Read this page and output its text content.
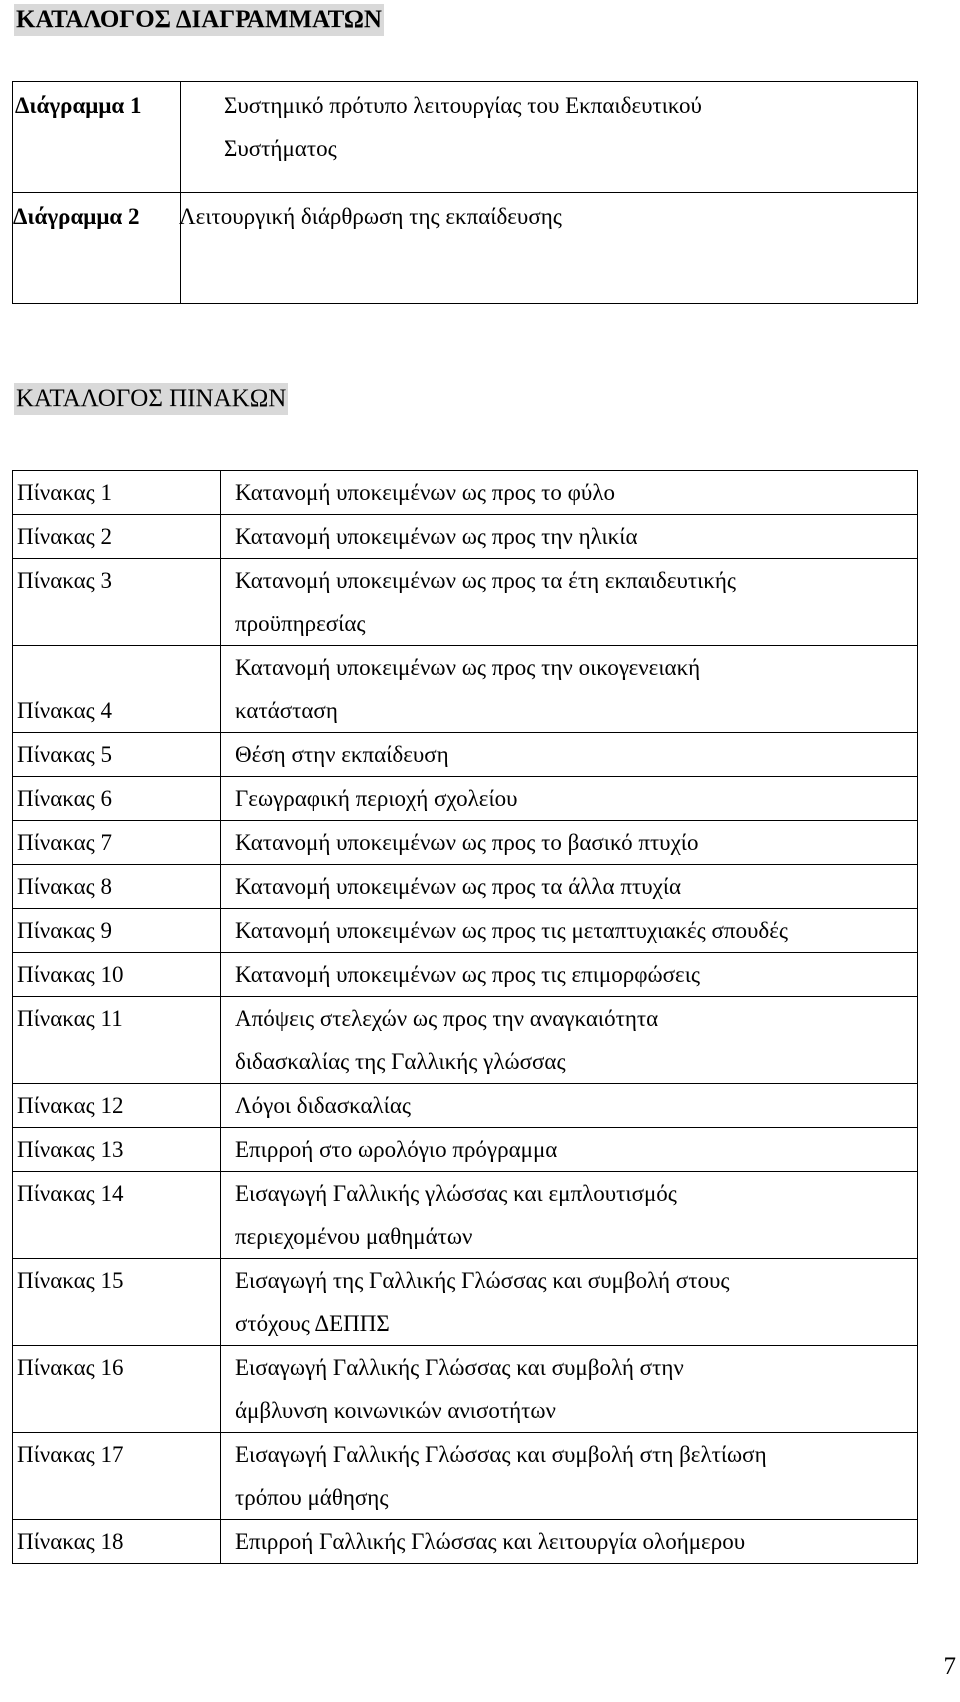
ΚΑΤΑΛΟΓΟΣ ΔΙΑΓΡΑΜΜΑΤΩΝ
Διάγραμμα 1	Συστημικό πρότυπο λειτουργίας του Εκπαιδευτικού Συστήματος

Διάγραμμα 2	Λειτουργική διάρθρωση της εκπαίδευσης
ΚΑΤΑΛΟΓΟΣ ΠΙΝΑΚΩΝ
Πίνακας 1	Κατανομή υποκειμένων ως προς το φύλο
Πίνακας 2	Κατανομή υποκειμένων ως προς την ηλικία
Πίνακας 3	Κατανομή υποκειμένων ως προς τα έτη εκπαιδευτικής προϋπηρεσίας
Πίνακας 4	Κατανομή υποκειμένων ως προς την οικογενειακή κατάσταση
Πίνακας 5	Θέση στην εκπαίδευση
Πίνακας 6	Γεωγραφική περιοχή σχολείου
Πίνακας 7	Κατανομή υποκειμένων ως προς το βασικό πτυχίο
Πίνακας 8	Κατανομή υποκειμένων ως προς τα άλλα πτυχία
Πίνακας 9	Κατανομή υποκειμένων ως προς τις μεταπτυχιακές σπουδές
Πίνακας 10	Κατανομή υποκειμένων ως προς τις επιμορφώσεις
Πίνακας 11	Απόψεις στελεχών ως προς την αναγκαιότητα διδασκαλίας της Γαλλικής γλώσσας
Πίνακας 12	Λόγοι διδασκαλίας
Πίνακας 13	Επιρροή στο ωρολόγιο πρόγραμμα
Πίνακας 14	Εισαγωγή Γαλλικής γλώσσας και εμπλουτισμός περιεχομένου μαθημάτων
Πίνακας 15	Εισαγωγή της Γαλλικής Γλώσσας και συμβολή στους στόχους ΔΕΠΠΣ
Πίνακας 16	Εισαγωγή Γαλλικής Γλώσσας και συμβολή στην άμβλυνση κοινωνικών ανισοτήτων
Πίνακας 17	Εισαγωγή Γαλλικής Γλώσσας και συμβολή στη βελτίωση τρόπου μάθησης
Πίνακας 18	Επιρροή Γαλλικής Γλώσσας και λειτουργία ολοήμερου
7
